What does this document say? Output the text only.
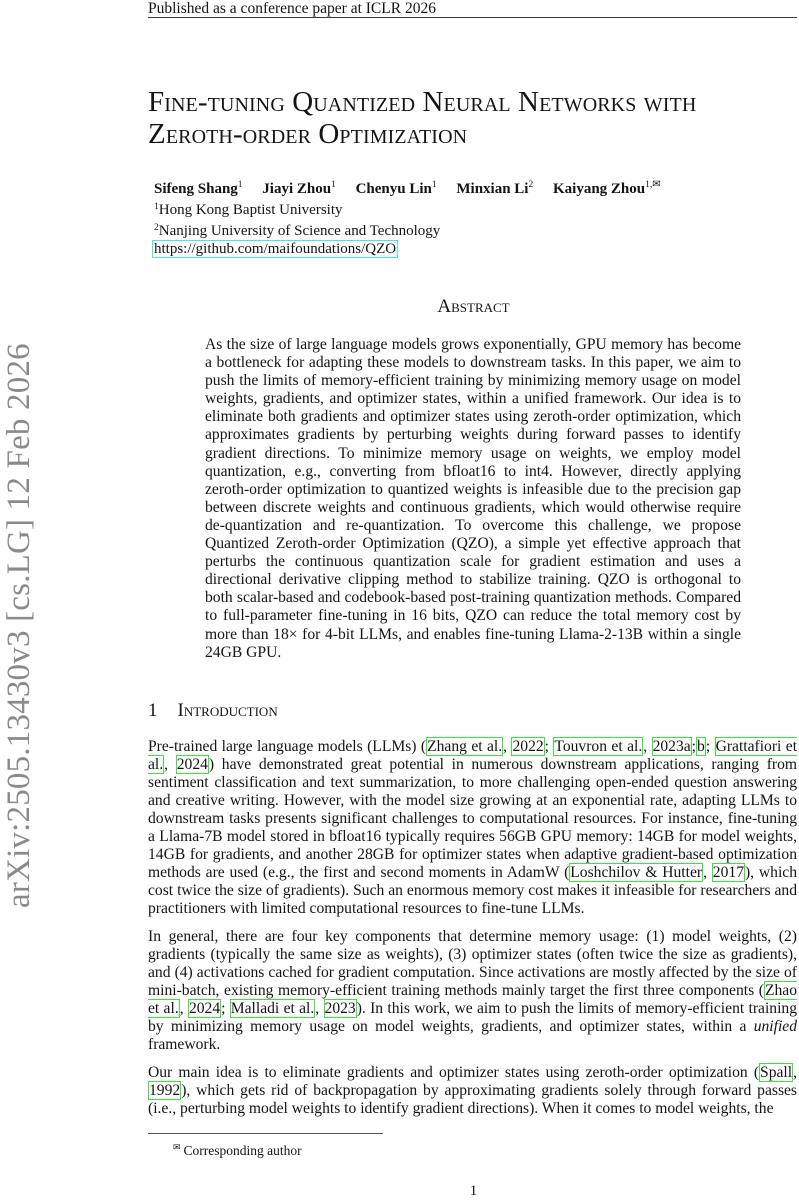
Published as a conference paper at ICLR 2026
arXiv:2505.13430v3 [cs.LG] 12 Feb 2026
Fine-tuning Quantized Neural Networks with
Zeroth-order Optimization
Sifeng Shang$^1$ Jiayi Zhou$^1$ Chenyu Lin$^1$ Minxian Li$^2$ Kaiyang Zhou$^{1,✉}$
$^1$Hong Kong Baptist University
$^2$Nanjing University of Science and Technology
https://github.com/maifoundations/QZO
Abstract

As the size of large language models grows exponentially, GPU memory has become a bottleneck for adapting these models to downstream tasks. In this paper, we aim to push the limits of memory-efficient training by minimizing memory usage on model weights, gradients, and optimizer states, within a unified framework. Our idea is to eliminate both gradients and optimizer states using zeroth-order optimization, which approximates gradients by perturbing weights during forward passes to identify gradient directions. To minimize memory usage on weights, we employ model quantization, e.g., converting from bfloat16 to int4. However, directly applying zeroth-order optimization to quantized weights is infeasible due to the precision gap between discrete weights and continuous gradients, which would otherwise require de-quantization and re-quantization. To overcome this challenge, we propose Quantized Zeroth-order Optimization (QZO), a simple yet effective approach that perturbs the continuous quantization scale for gradient estimation and uses a directional derivative clipping method to stabilize training. QZO is orthogonal to both scalar-based and codebook-based post-training quantization methods. Compared to full-parameter fine-tuning in 16 bits, QZO can reduce the total memory cost by more than 18× for 4-bit LLMs, and enables fine-tuning Llama-2-13B within a single 24GB GPU.

1 Introduction

Pre-trained large language models (LLMs) (Zhang et al., 2022; Touvron et al., 2023a;b; Grattafiori et al., 2024) have demonstrated great potential in numerous downstream applications, ranging from sentiment classification and text summarization, to more challenging open-ended question answering and creative writing. However, with the model size growing at an exponential rate, adapting LLMs to downstream tasks presents significant challenges to computational resources. For instance, fine-tuning a Llama-7B model stored in bfloat16 typically requires 56GB GPU memory: 14GB for model weights, 14GB for gradients, and another 28GB for optimizer states when adaptive gradient-based optimization methods are used (e.g., the first and second moments in AdamW (Loshchilov & Hutter, 2017), which cost twice the size of gradients). Such an enormous memory cost makes it infeasible for researchers and practitioners with limited computational resources to fine-tune LLMs.

In general, there are four key components that determine memory usage: (1) model weights, (2) gradients (typically the same size as weights), (3) optimizer states (often twice the size as gradients), and (4) activations cached for gradient computation. Since activations are mostly affected by the size of mini-batch, existing memory-efficient training methods mainly target the first three components (Zhao et al., 2024; Malladi et al., 2023). In this work, we aim to push the limits of memory-efficient training by minimizing memory usage on model weights, gradients, and optimizer states, within a unified framework.

Our main idea is to eliminate gradients and optimizer states using zeroth-order optimization (Spall, 1992), which gets rid of backpropagation by approximating gradients solely through forward passes (i.e., perturbing model weights to identify gradient directions). When it comes to model weights, the

✉ Corresponding author
1
